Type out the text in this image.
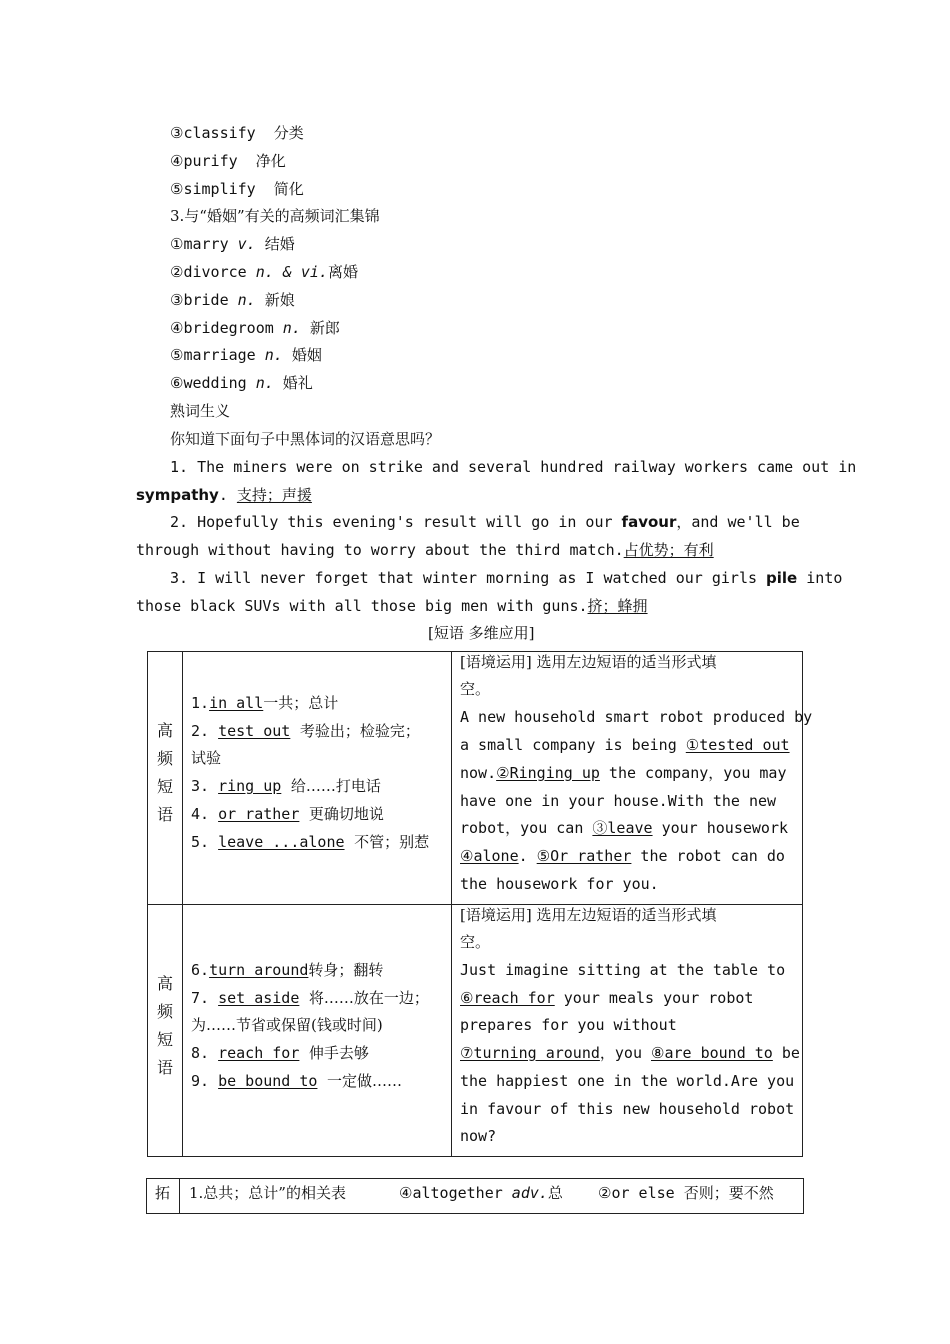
③classify 分类
④purify 净化
⑤simplify 简化
3.与“婚姻”有关的高频词汇集锦
①marry v. 结婚
②divorce n. & vi.离婚
③bride n. 新娘
④bridegroom n. 新郎
⑤marriage n. 婚姻
⑥wedding n. 婚礼
熟词生义
你知道下面句子中黑体词的汉语意思吗？
1. The miners were on strike and several hundred railway workers came out in
sympathy. 支持；声援
2. Hopefully this evening's result will go in our favour，and we'll be
through without having to worry about the third match.占优势；有利
3. I will never forget that winter morning as I watched our girls pile into
those black SUVs with all those big men with guns.挤；蜂拥
[短语 多维应用]
高
频
短
语
1.in all一共；总计
2. test out  考验出；检验完；
试验
3. ring up  给……打电话
4. or rather  更确切地说
5. leave ...alone  不管；别惹
[语境运用] 选用左边短语的适当形式填
空。
A new household smart robot produced by
a small company is being ①tested out
now.②Ringing up the company，you may
have one in your house.With the new
robot，you can ③leave your housework
④alone. ⑤Or rather the robot can do
the housework for you.
高
频
短
语
6.turn around转身；翻转
7. set aside  将……放在一边；
为……节省或保留(钱或时间)
8. reach for  伸手去够
9. be bound to  一定做……
[语境运用] 选用左边短语的适当形式填
空。
Just imagine sitting at the table to
⑥reach for your meals your robot
prepares for you without
⑦turning around，you ⑧are bound to be
the happiest one in the world.Are you
in favour of this new household robot
now?
拓 1.总共；总计”的相关表	④altogether adv.总 ②or else 否则；要不然
